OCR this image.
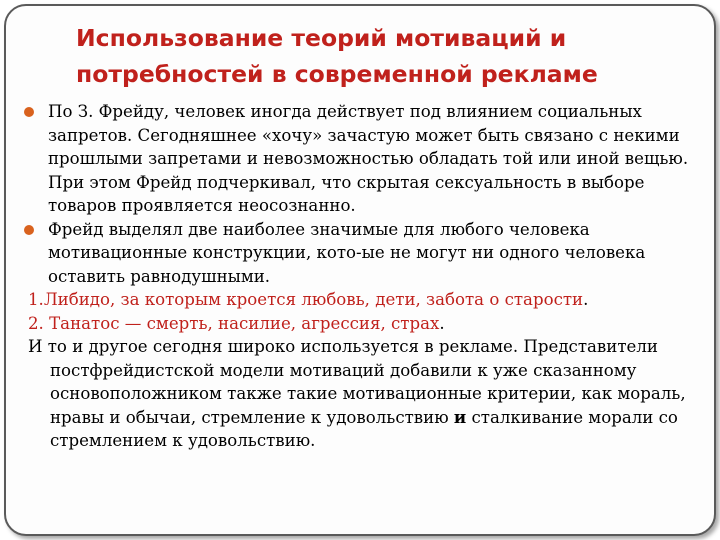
Использование теорий мотиваций и
потребностей в современной рекламе

По З. Фрейду, человек иногда действует под влиянием социальных запретов. Сегодняшнее «хочу» зачастую может быть связано с некими прошлыми запретами и невозможностью обладать той или иной вещью. При этом Фрейд подчеркивал, что скрытая сексуальность в выборе товаров проявляется неосознанно.

Фрейд выделял две наиболее значимые для любого человека мотивационные конструкции, кото-ые не могут ни одного человека оставить равнодушными.

1.Либидо, за которым кроется любовь, дети, забота о старости.
2. Танатос — смерть, насилие, агрессия, страх.
И то и другое сегодня широко используется в рекламе. Представители постфрейдистской модели мотиваций добавили к уже сказанному основоположником также такие мотивационные критерии, как мораль, нравы и обычаи, стремление к удовольствию и сталкивание морали со стремлением к удовольствию.
